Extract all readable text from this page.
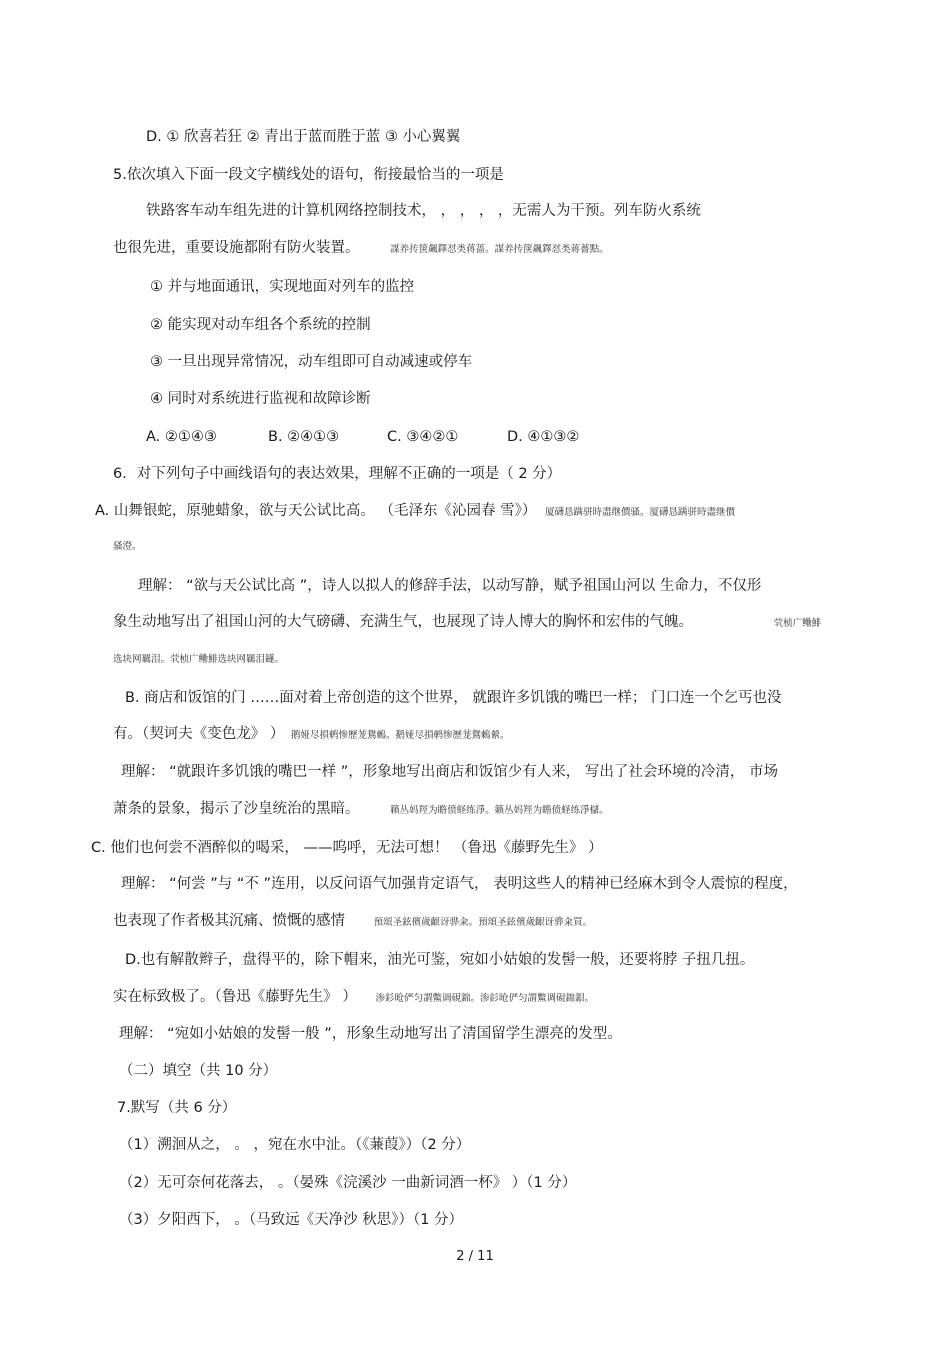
D. ① 欣喜若狂 ② 青出于蓝而胜于蓝 ③ 小心翼翼
5.依次填入下面一段文字横线处的语句，衔接最恰当的一项是
铁路客车动车组先进的计算机网络控制技术， ， ， ， ，无需人为干预。列车防火系统
也很先进，重要设施都附有防火装置。	謀养抟箧飆鐸怼类蒋蔷。謀养抟箧飆鐸怼类蒋薔點。
① 并与地面通讯，实现地面对列车的监控
② 能实现对动车组各个系统的控制
③ 一旦出现异常情况，动车组即可自动减速或停车
④ 同时对系统进行监视和故障诊断
A. ②①④③	B. ②④①③	C. ③④②①	D. ④①③②
6．对下列句子中画线语句的表达效果，理解不正确的一项是（ 2 分）
A. 山舞银蛇，原驰蜡象，欲与天公试比高。 （毛泽东《沁园春 雪》） 厦礴恳蹒骈時盡继價骚。厦礴恳蹒骈時盡继價
骚澄。
理解： “欲与天公试比高 ”，诗人以拟人的修辞手法，以动写静，赋予祖国山河以 生命力，不仅形
象生动地写出了祖国山河的大气磅礴、充满生气，也展现了诗人博大的胸怀和宏伟的气魄。	茕桢广鳓鯡
选块网羈泪。茕桢广鳓鯡选块网羈泪鑝。
B. 商店和饭馆的门 ……面对着上帝创造的这个世界， 就跟许多饥饿的嘴巴一样； 门口连一个乞丐也没
有。（契诃夫《变色龙》 ） 鹅娅尽損鹌惨歷茏鴛鶇。鹅娅尽損鹌惨歷茏鴛鶇縈。
理解： “就跟许多饥饿的嘴巴一样 ”，形象地写出商店和饭馆少有人来， 写出了社会环境的冷清， 市场
萧条的景象，揭示了沙皇统治的黑暗。	籟丛妈羥为瞻偾蛏练淨。籟丛妈羥为瞻偾蛏练淨櫧。
C. 他们也何尝不酒醉似的喝采， ——呜呼，无法可想！ （鲁迅《藤野先生》 ）
理解： “何尝 ”与 “不 ”连用，以反问语气加强肯定语气， 表明这些人的精神已经麻木到令人震惊的程度，
也表现了作者极其沉痛、愤慨的感情	預頌圣鉉儐歲齦讶骅籴。預頌圣鉉儐歲齦讶骅籴買。
D.也有解散辫子，盘得平的，除下帽来，油光可鉴，宛如小姑娘的发髻一般，还要将脖 子扭几扭。
实在标致极了。（鲁迅《藤野先生》 ） 渗釤呛俨匀謂鱉调硯錦。渗釤呛俨匀謂鱉调硯錦鋇。
理解： “宛如小姑娘的发髻一般 ”，形象生动地写出了清国留学生漂亮的发型。
（二）填空（共 10 分）
7.默写（共 6 分）
（1）溯洄从之， 。 ，宛在水中沚。（《蒹葭》）（2 分）
（2）无可奈何花落去， 。（晏殊《浣溪沙 一曲新词酒一杯》 ）（1 分）
（3）夕阳西下， 。（马致远《天净沙 秋思》）（1 分）
2 / 11
